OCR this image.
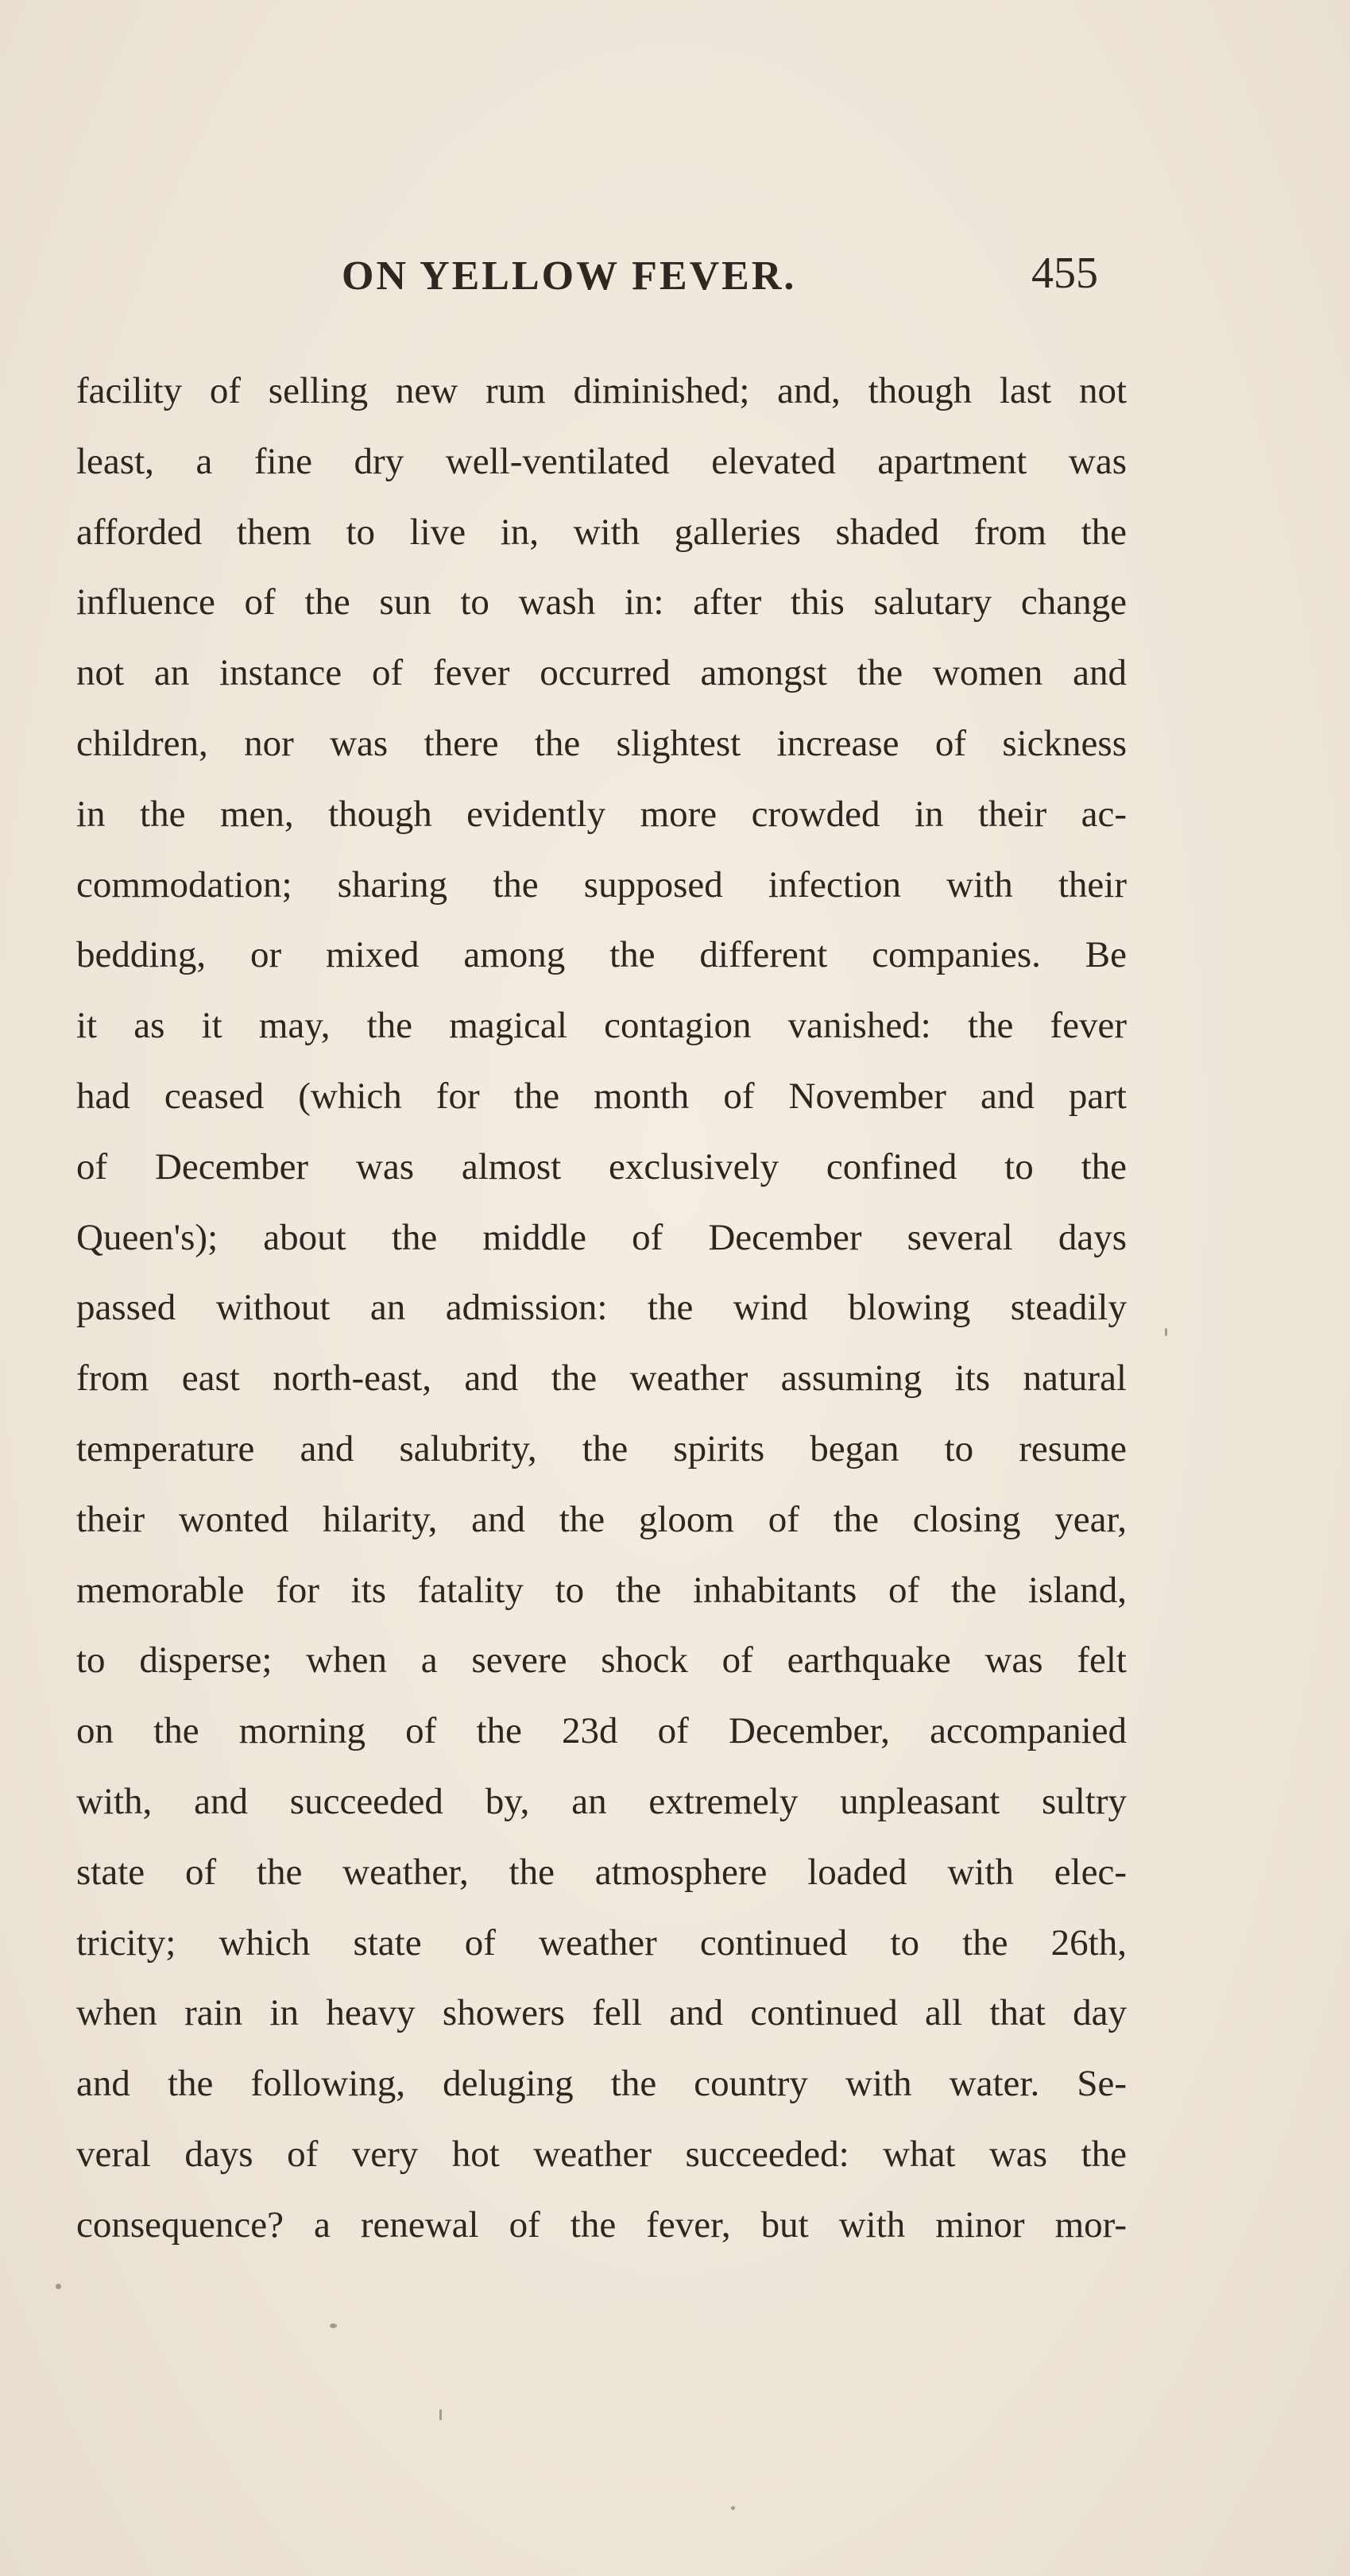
ON YELLOW FEVER.	455
facility of selling new rum diminished; and, though last not
least, a fine dry well-ventilated elevated apartment was
afforded them to live in, with galleries shaded from the
influence of the sun to wash in: after this salutary change
not an instance of fever occurred amongst the women and
children, nor was there the slightest increase of sickness
in the men, though evidently more crowded in their ac-
commodation; sharing the supposed infection with their
bedding, or mixed among the different companies. Be
it as it may, the magical contagion vanished: the fever
had ceased (which for the month of November and part
of December was almost exclusively confined to the
Queen's); about the middle of December several days
passed without an admission: the wind blowing steadily
from east north-east, and the weather assuming its natural
temperature and salubrity, the spirits began to resume
their wonted hilarity, and the gloom of the closing year,
memorable for its fatality to the inhabitants of the island,
to disperse; when a severe shock of earthquake was felt
on the morning of the 23d of December, accompanied
with, and succeeded by, an extremely unpleasant sultry
state of the weather, the atmosphere loaded with elec-
tricity; which state of weather continued to the 26th,
when rain in heavy showers fell and continued all that day
and the following, deluging the country with water. Se-
veral days of very hot weather succeeded: what was the
consequence? a renewal of the fever, but with minor mor-
